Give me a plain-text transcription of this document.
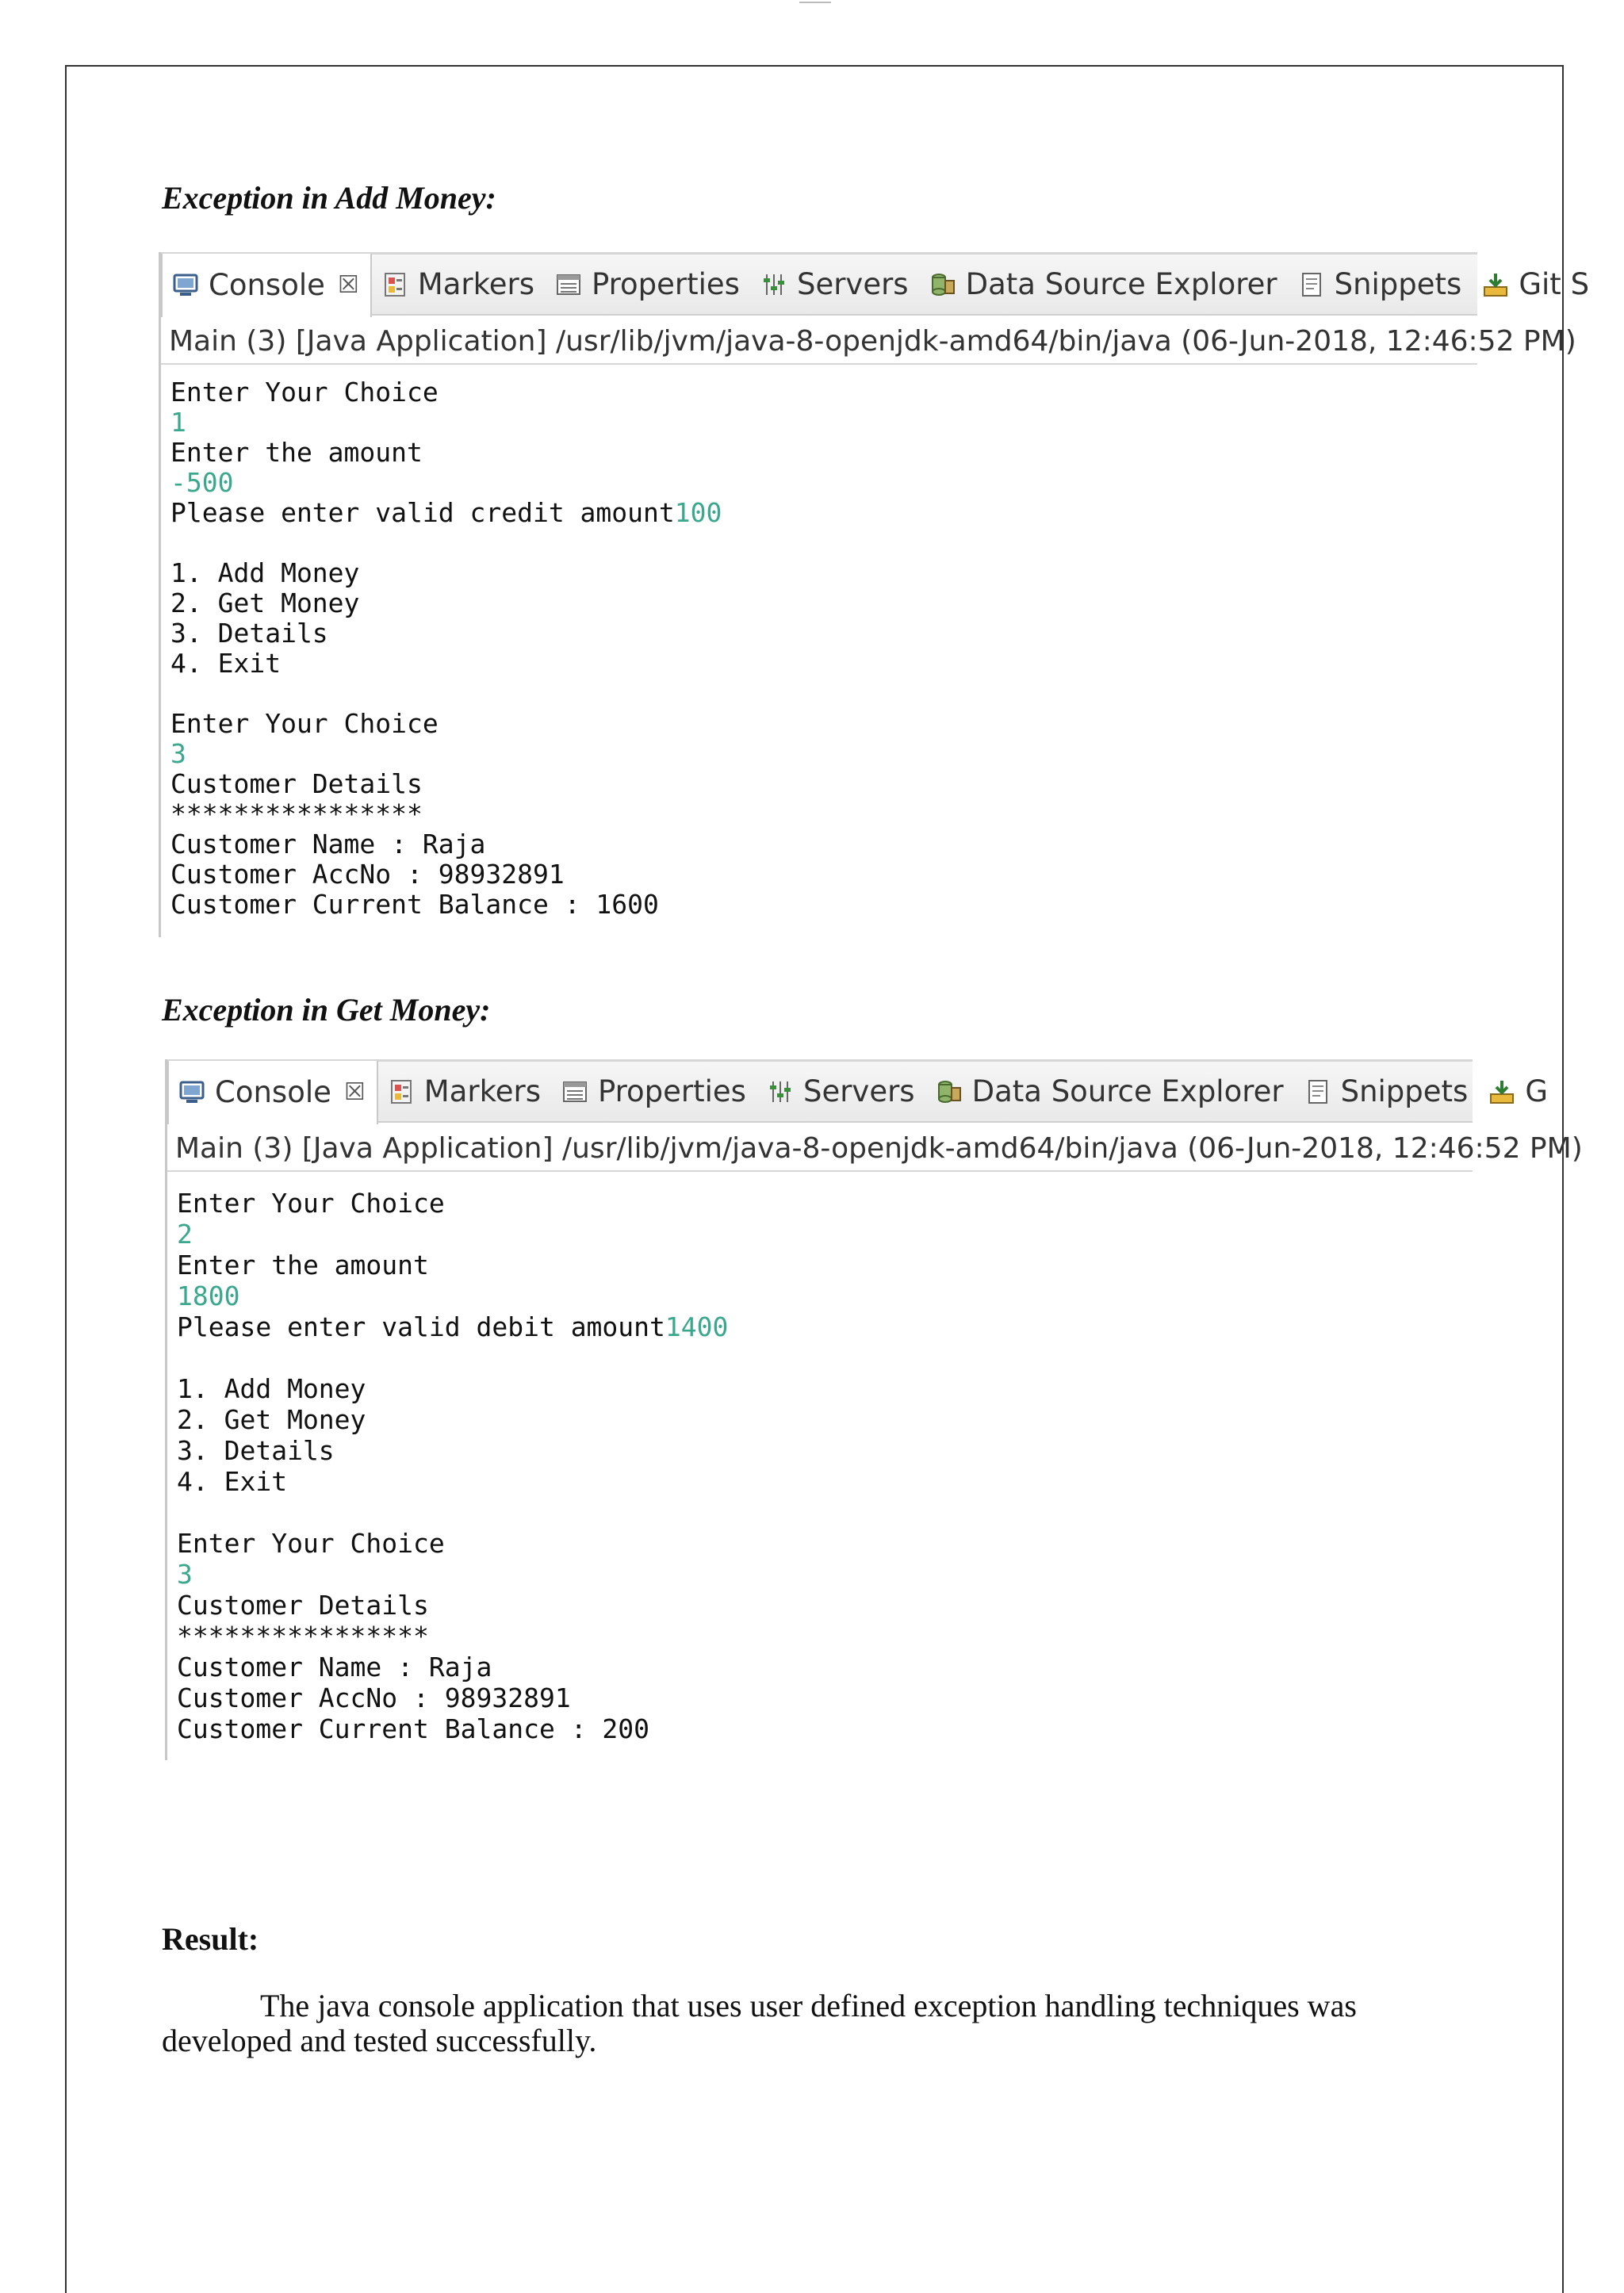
Exception in Add Money:
Console ☒ Markers Properties Servers Data Source Explorer Snippets Git S
Main (3) [Java Application] /usr/lib/jvm/java-8-openjdk-amd64/bin/java (06-Jun-2018, 12:46:52 PM)
Enter Your Choice
1
Enter the amount
-500
Please enter valid credit amount100
1. Add Money
2. Get Money
3. Details
4. Exit
Enter Your Choice
3
Customer Details
****************
Customer Name : Raja
Customer AccNo : 98932891
Customer Current Balance : 1600
Exception in Get Money:
Console ☒ Markers Properties Servers Data Source Explorer Snippets G
Main (3) [Java Application] /usr/lib/jvm/java-8-openjdk-amd64/bin/java (06-Jun-2018, 12:46:52 PM)
Enter Your Choice
2
Enter the amount
1800
Please enter valid debit amount1400
1. Add Money
2. Get Money
3. Details
4. Exit
Enter Your Choice
3
Customer Details
****************
Customer Name : Raja
Customer AccNo : 98932891
Customer Current Balance : 200
Result:
The java console application that uses user defined exception handling techniques was developed and tested successfully.
